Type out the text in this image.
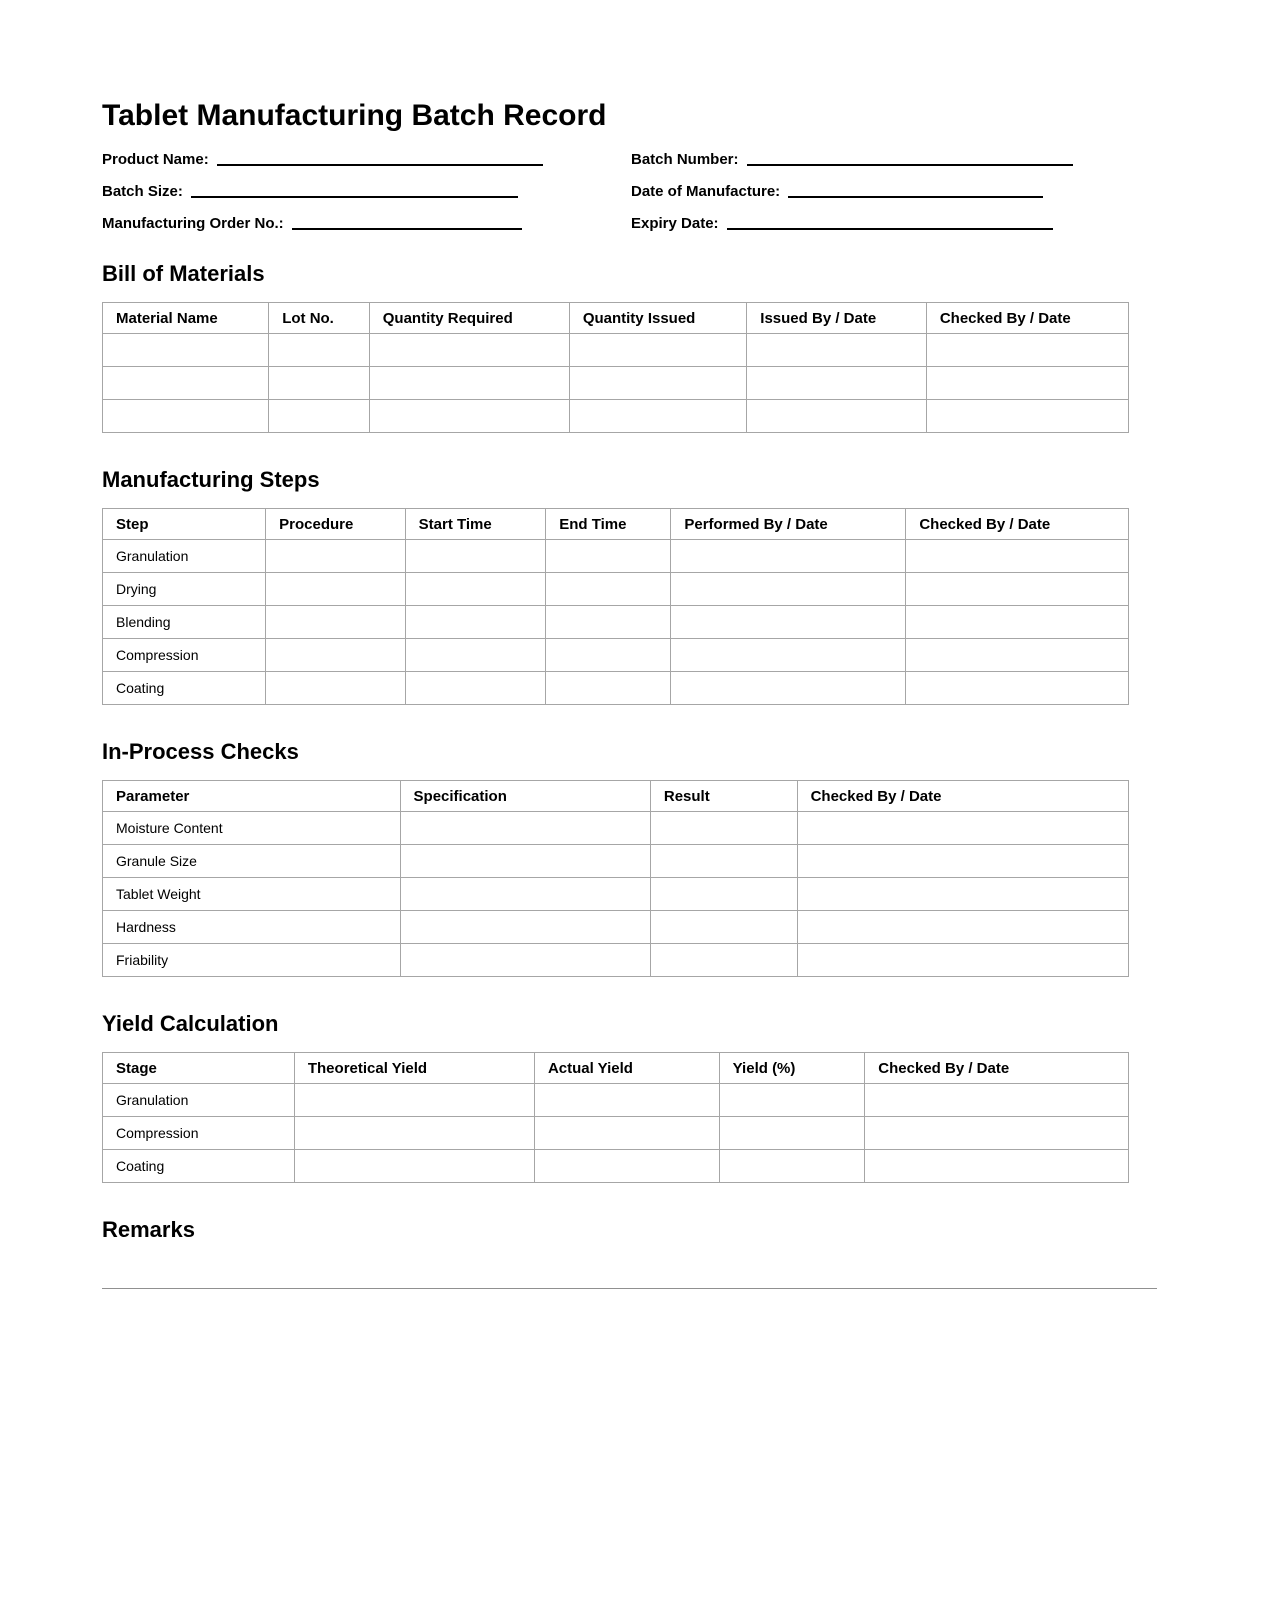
Tablet Manufacturing Batch Record
Product Name:
Batch Size:
Manufacturing Order No.:
Batch Number:
Date of Manufacture:
Expiry Date:
Bill of Materials
Material Name	Lot No.	Quantity Required	Quantity Issued	Issued By / Date	Checked By / Date

Manufacturing Steps
Step	Procedure	Start Time	End Time	Performed By / Date	Checked By / Date
Granulation					
Drying					
Blending					
Compression					
Coating					
In-Process Checks
Parameter	Specification	Result	Checked By / Date
Moisture Content			
Granule Size			
Tablet Weight			
Hardness			
Friability			
Yield Calculation
Stage	Theoretical Yield	Actual Yield	Yield (%)	Checked By / Date
Granulation				
Compression				
Coating				
Remarks
